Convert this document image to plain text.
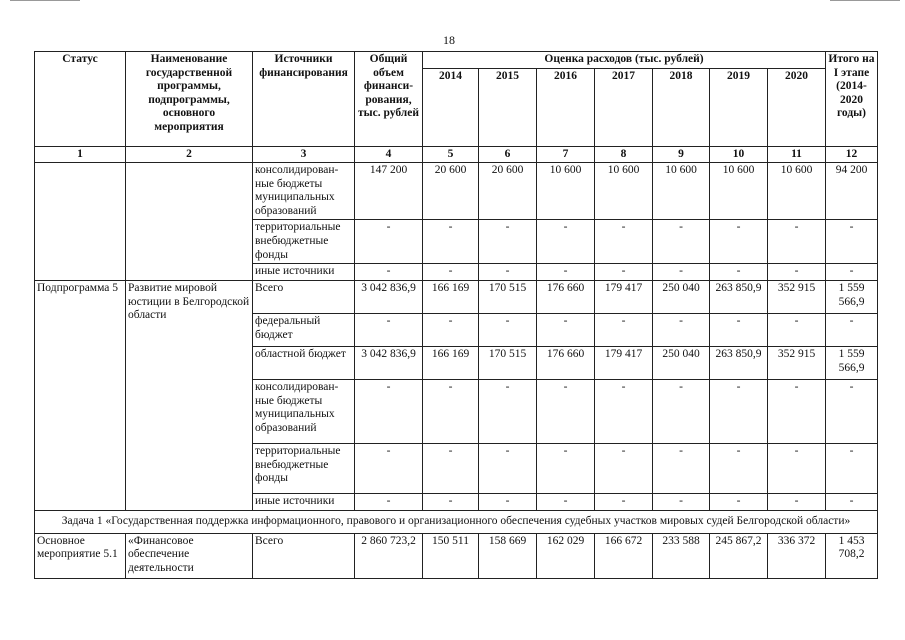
18
Статус	Наименование государственной программы, подпрограммы, основного мероприятия	Источники финансирования	Общий объем финанси-рования, тыс. рублей	Оценка расходов (тыс. рублей)							Итого на I этапе (2014-2020 годы)
				2014	2015	2016	2017	2018	2019	2020	
1	2	3	4	5	6	7	8	9	10	11	12
		консолидирован-ные бюджеты муниципальных образований	147 200	20 600	20 600	10 600	10 600	10 600	10 600	10 600	94 200
		территориальные внебюджетные фонды	-	-	-	-	-	-	-	-	-
		иные источники	-	-	-	-	-	-	-	-	-
Подпрограмма 5	Развитие мировой юстиции в Белгородской области	Всего	3 042 836,9	166 169	170 515	176 660	179 417	250 040	263 850,9	352 915	1 559 566,9
		федеральный бюджет	-	-	-	-	-	-	-	-	-
		областной бюджет	3 042 836,9	166 169	170 515	176 660	179 417	250 040	263 850,9	352 915	1 559 566,9
		консолидирован-ные бюджеты муниципальных образований	-	-	-	-	-	-	-	-	-
		территориальные внебюджетные фонды	-	-	-	-	-	-	-	-	-
		иные источники	-	-	-	-	-	-	-	-	-
Задача 1 «Государственная поддержка информационного, правового и организационного обеспечения судебных участков мировых судей Белгородской области»											
Основное мероприятие 5.1	«Финансовое обеспечение деятельности	Всего	2 860 723,2	150 511	158 669	162 029	166 672	233 588	245 867,2	336 372	1 453 708,2
